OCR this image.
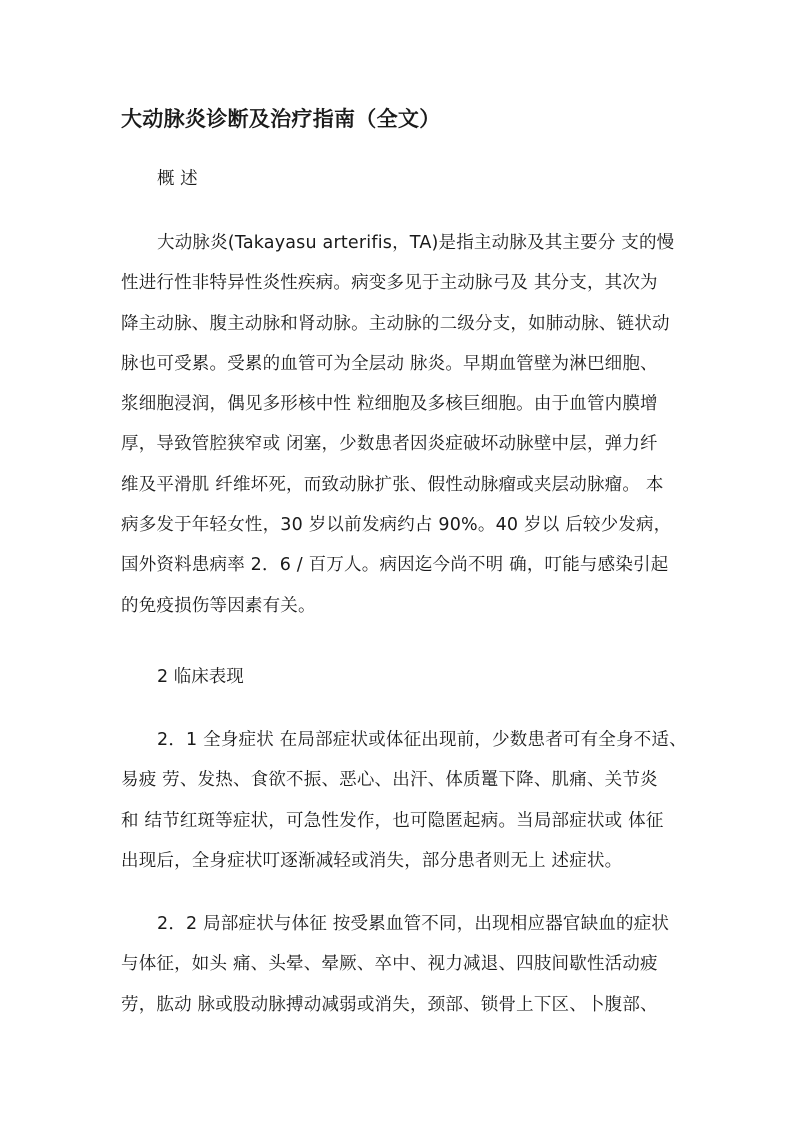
大动脉炎诊断及治疗指南（全文）

概 述

大动脉炎(Takayasu arterifis，TA)是指主动脉及其主要分 支的慢
性进行性非特异性炎性疾病。病变多见于主动脉弓及 其分支，其次为
降主动脉、腹主动脉和肾动脉。主动脉的二级分支，如肺动脉、链状动
脉也可受累。受累的血管可为全层动 脉炎。早期血管壁为淋巴细胞、
浆细胞浸润，偶见多形核中性 粒细胞及多核巨细胞。由于血管内膜增
厚，导致管腔狭窄或 闭塞，少数患者因炎症破坏动脉壁中层，弹力纤
维及平滑肌 纤维坏死，而致动脉扩张、假性动脉瘤或夹层动脉瘤。 本
病多发于年轻女性，30 岁以前发病约占 90%。40 岁以 后较少发病，
国外资料患病率 2．6 / 百万人。病因迄今尚不明 确，叮能与感染引起
的免疫损伤等因素有关。

2 临床表现

2．1 全身症状 在局部症状或体征出现前，少数患者可有全身不适、
易疲 劳、发热、食欲不振、恶心、出汗、体质鼍下降、肌痛、关节炎
和 结节红斑等症状，可急性发作，也可隐匿起病。当局部症状或 体征
出现后，全身症状叮逐渐减轻或消失，部分患者则无上 述症状。
2．2 局部症状与体征 按受累血管不同，出现相应器官缺血的症状
与体征，如头 痛、头晕、晕厥、卒中、视力减退、四肢间歇性活动疲
劳，肱动 脉或股动脉搏动减弱或消失，颈部、锁骨上下区、卜腹部、
